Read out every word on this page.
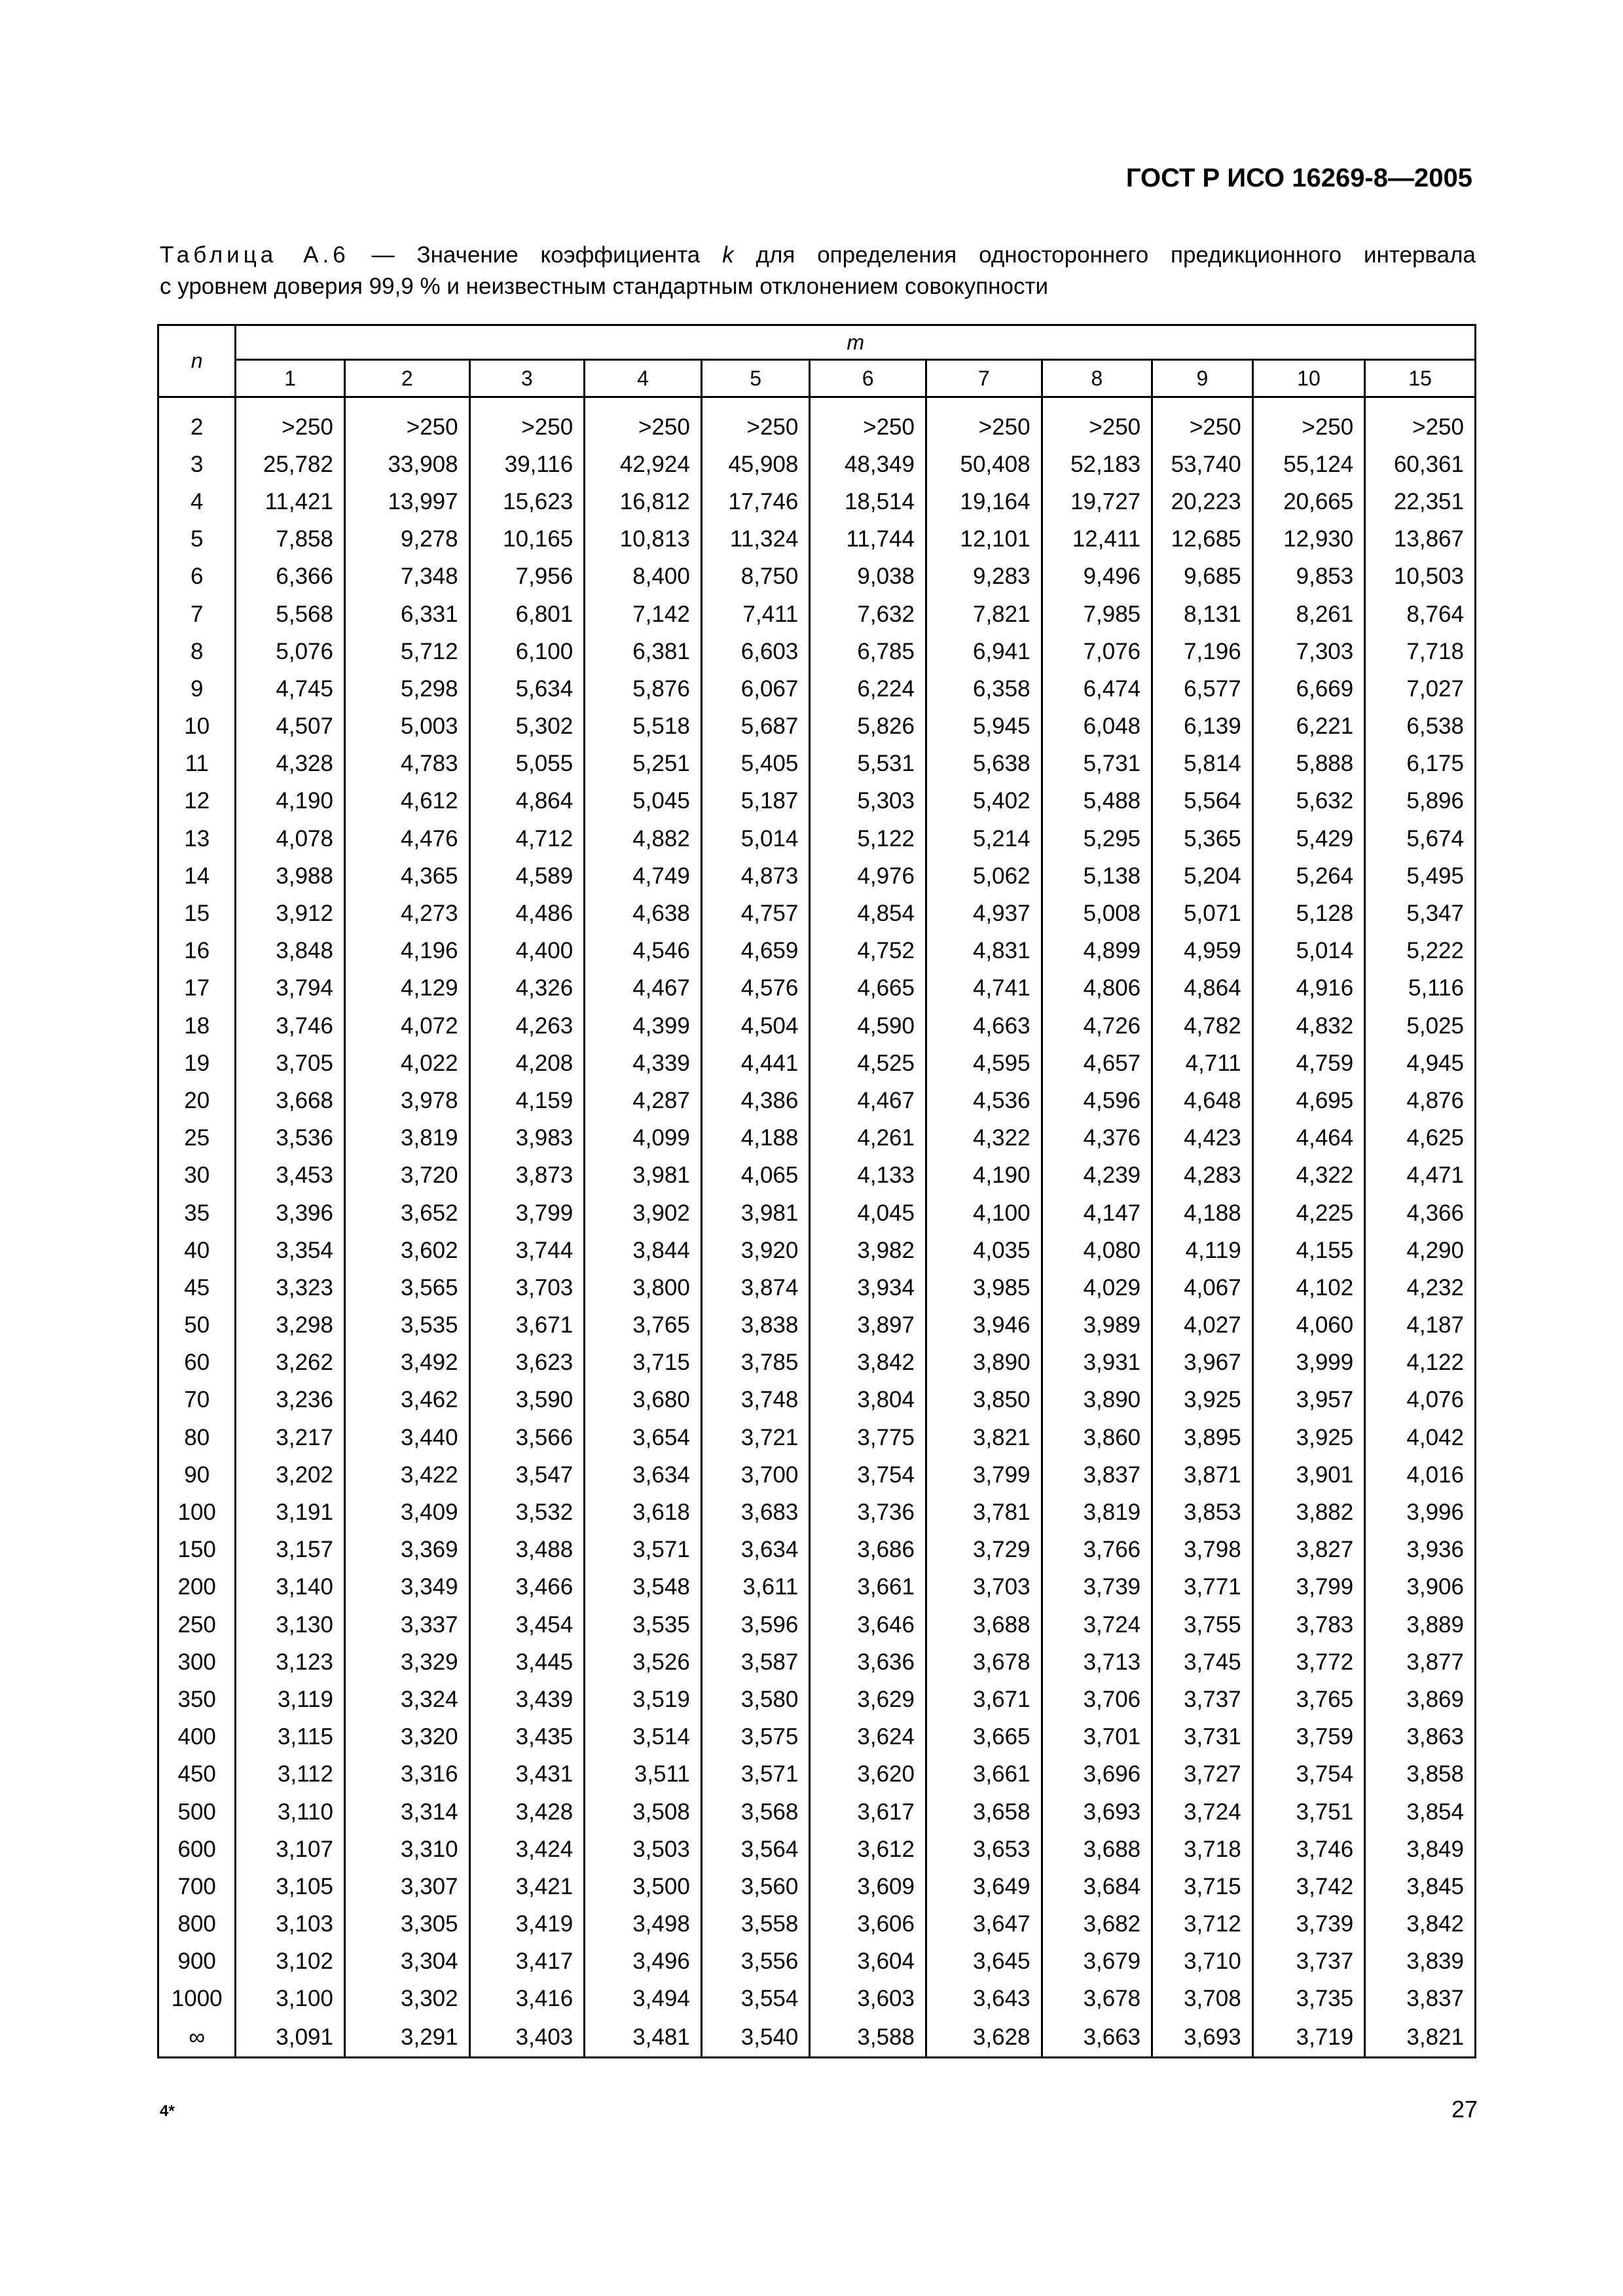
ГОСТ Р ИСО 16269-8—2005
Таблица А.6 — Значение коэффициента k для определения одностороннего предикционного интервала
с уровнем доверия 99,9 % и неизвестным стандартным отклонением совокупности
n	m										
	1	2	3	4	5	6	7	8	9	10	15

2	>250	>250	>250	>250	>250	>250	>250	>250	>250	>250	>250
3	25,782	33,908	39,116	42,924	45,908	48,349	50,408	52,183	53,740	55,124	60,361
4	11,421	13,997	15,623	16,812	17,746	18,514	19,164	19,727	20,223	20,665	22,351
5	7,858	9,278	10,165	10,813	11,324	11,744	12,101	12,411	12,685	12,930	13,867
6	6,366	7,348	7,956	8,400	8,750	9,038	9,283	9,496	9,685	9,853	10,503
7	5,568	6,331	6,801	7,142	7,411	7,632	7,821	7,985	8,131	8,261	8,764
8	5,076	5,712	6,100	6,381	6,603	6,785	6,941	7,076	7,196	7,303	7,718
9	4,745	5,298	5,634	5,876	6,067	6,224	6,358	6,474	6,577	6,669	7,027
10	4,507	5,003	5,302	5,518	5,687	5,826	5,945	6,048	6,139	6,221	6,538
11	4,328	4,783	5,055	5,251	5,405	5,531	5,638	5,731	5,814	5,888	6,175
12	4,190	4,612	4,864	5,045	5,187	5,303	5,402	5,488	5,564	5,632	5,896
13	4,078	4,476	4,712	4,882	5,014	5,122	5,214	5,295	5,365	5,429	5,674
14	3,988	4,365	4,589	4,749	4,873	4,976	5,062	5,138	5,204	5,264	5,495
15	3,912	4,273	4,486	4,638	4,757	4,854	4,937	5,008	5,071	5,128	5,347
16	3,848	4,196	4,400	4,546	4,659	4,752	4,831	4,899	4,959	5,014	5,222
17	3,794	4,129	4,326	4,467	4,576	4,665	4,741	4,806	4,864	4,916	5,116
18	3,746	4,072	4,263	4,399	4,504	4,590	4,663	4,726	4,782	4,832	5,025
19	3,705	4,022	4,208	4,339	4,441	4,525	4,595	4,657	4,711	4,759	4,945
20	3,668	3,978	4,159	4,287	4,386	4,467	4,536	4,596	4,648	4,695	4,876
25	3,536	3,819	3,983	4,099	4,188	4,261	4,322	4,376	4,423	4,464	4,625
30	3,453	3,720	3,873	3,981	4,065	4,133	4,190	4,239	4,283	4,322	4,471
35	3,396	3,652	3,799	3,902	3,981	4,045	4,100	4,147	4,188	4,225	4,366
40	3,354	3,602	3,744	3,844	3,920	3,982	4,035	4,080	4,119	4,155	4,290
45	3,323	3,565	3,703	3,800	3,874	3,934	3,985	4,029	4,067	4,102	4,232
50	3,298	3,535	3,671	3,765	3,838	3,897	3,946	3,989	4,027	4,060	4,187
60	3,262	3,492	3,623	3,715	3,785	3,842	3,890	3,931	3,967	3,999	4,122
70	3,236	3,462	3,590	3,680	3,748	3,804	3,850	3,890	3,925	3,957	4,076
80	3,217	3,440	3,566	3,654	3,721	3,775	3,821	3,860	3,895	3,925	4,042
90	3,202	3,422	3,547	3,634	3,700	3,754	3,799	3,837	3,871	3,901	4,016
100	3,191	3,409	3,532	3,618	3,683	3,736	3,781	3,819	3,853	3,882	3,996
150	3,157	3,369	3,488	3,571	3,634	3,686	3,729	3,766	3,798	3,827	3,936
200	3,140	3,349	3,466	3,548	3,611	3,661	3,703	3,739	3,771	3,799	3,906
250	3,130	3,337	3,454	3,535	3,596	3,646	3,688	3,724	3,755	3,783	3,889
300	3,123	3,329	3,445	3,526	3,587	3,636	3,678	3,713	3,745	3,772	3,877
350	3,119	3,324	3,439	3,519	3,580	3,629	3,671	3,706	3,737	3,765	3,869
400	3,115	3,320	3,435	3,514	3,575	3,624	3,665	3,701	3,731	3,759	3,863
450	3,112	3,316	3,431	3,511	3,571	3,620	3,661	3,696	3,727	3,754	3,858
500	3,110	3,314	3,428	3,508	3,568	3,617	3,658	3,693	3,724	3,751	3,854
600	3,107	3,310	3,424	3,503	3,564	3,612	3,653	3,688	3,718	3,746	3,849
700	3,105	3,307	3,421	3,500	3,560	3,609	3,649	3,684	3,715	3,742	3,845
800	3,103	3,305	3,419	3,498	3,558	3,606	3,647	3,682	3,712	3,739	3,842
900	3,102	3,304	3,417	3,496	3,556	3,604	3,645	3,679	3,710	3,737	3,839
1000	3,100	3,302	3,416	3,494	3,554	3,603	3,643	3,678	3,708	3,735	3,837
∞	3,091	3,291	3,403	3,481	3,540	3,588	3,628	3,663	3,693	3,719	3,821
4*	27
